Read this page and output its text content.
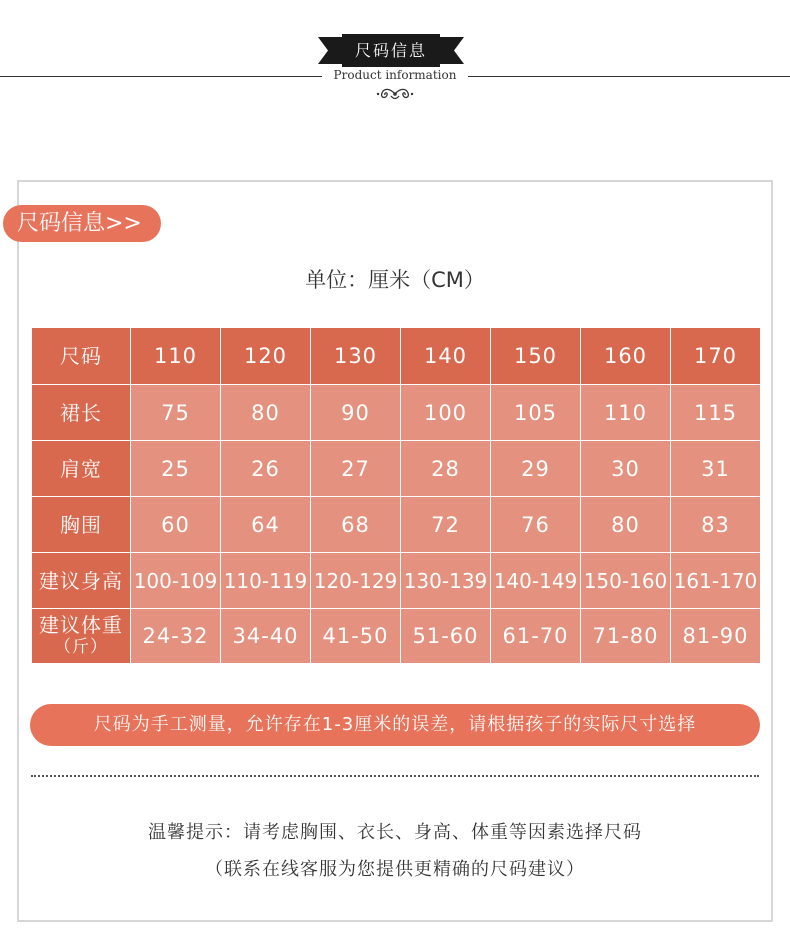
尺码信息
Product information
尺码信息>>
单位：厘米（CM）
尺码	110	120	130	140	150	160	170
裙长	75	80	90	100	105	110	115
肩宽	25	26	27	28	29	30	31
胸围	60	64	68	72	76	80	83
建议身高 100-109 110-119 120-129 130-139 140-149 150-160 161-170
建议体重
（斤）	24-32	34-40	41-50	51-60	61-70	71-80	81-90
尺码为手工测量，允许存在1-3厘米的误差，请根据孩子的实际尺寸选择
温馨提示：请考虑胸围、衣长、身高、体重等因素选择尺码
（联系在线客服为您提供更精确的尺码建议）
